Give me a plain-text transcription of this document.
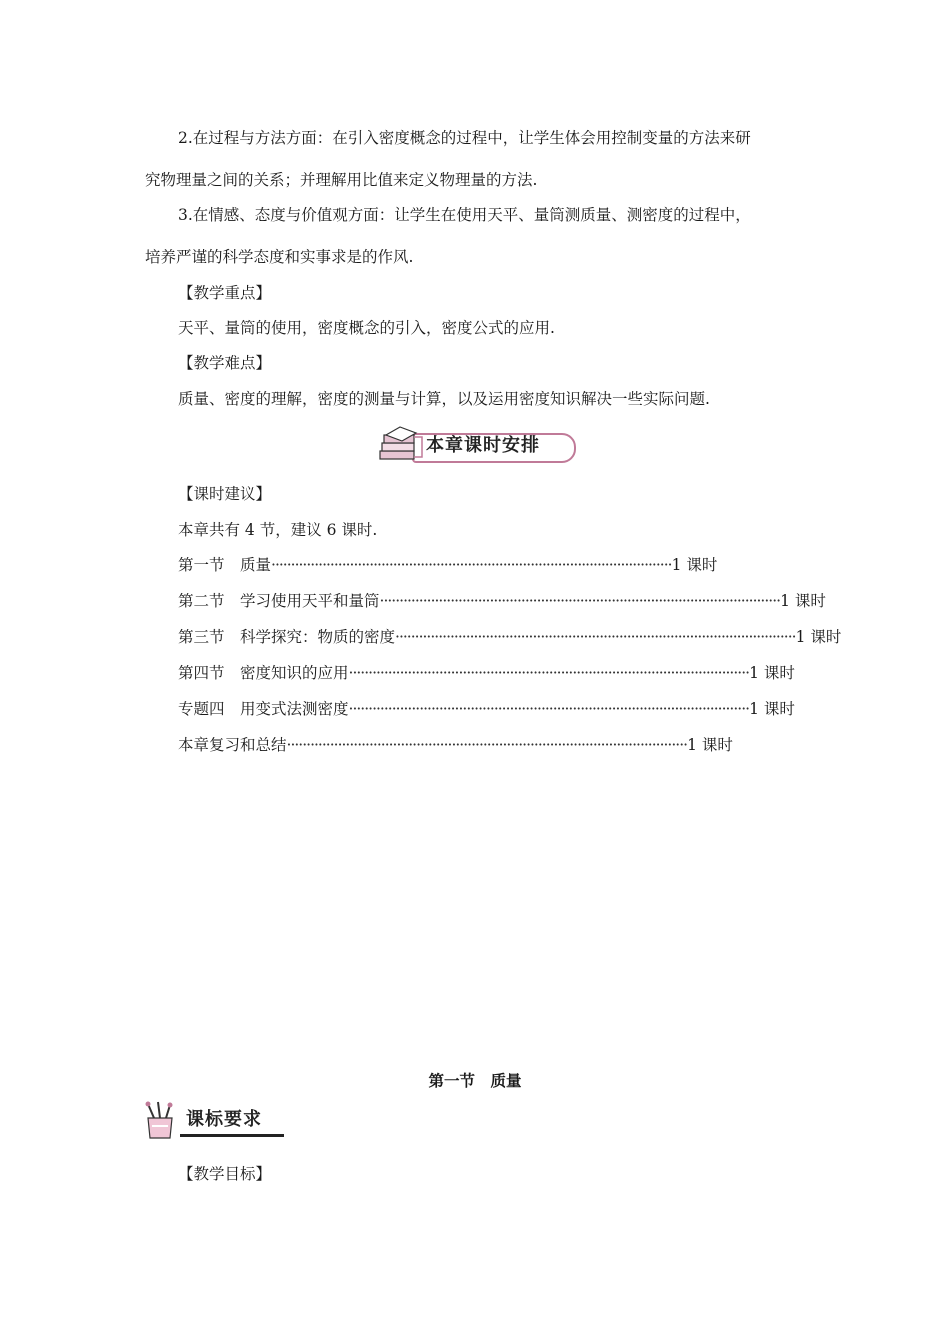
2.在过程与方法方面：在引入密度概念的过程中，让学生体会用控制变量的方法来研
究物理量之间的关系；并理解用比值来定义物理量的方法.
3.在情感、态度与价值观方面：让学生在使用天平、量筒测质量、测密度的过程中，
培养严谨的科学态度和实事求是的作风.
【教学重点】
天平、量筒的使用，密度概念的引入，密度公式的应用.
【教学难点】
质量、密度的理解，密度的测量与计算，以及运用密度知识解决一些实际问题.
本章课时安排
【课时建议】
本章共有 4 节，建议 6 课时.
第一节　质量 ······································································································ 1 课时
第二节　学习使用天平和量筒 ······································································································ 1 课时
第三节　科学探究：物质的密度 ······································································································ 1 课时
第四节　密度知识的应用 ······································································································ 1 课时
专题四　用变式法测密度 ······································································································ 1 课时
本章复习和总结 ······································································································ 1 课时
第一节　质量
课标要求
【教学目标】
